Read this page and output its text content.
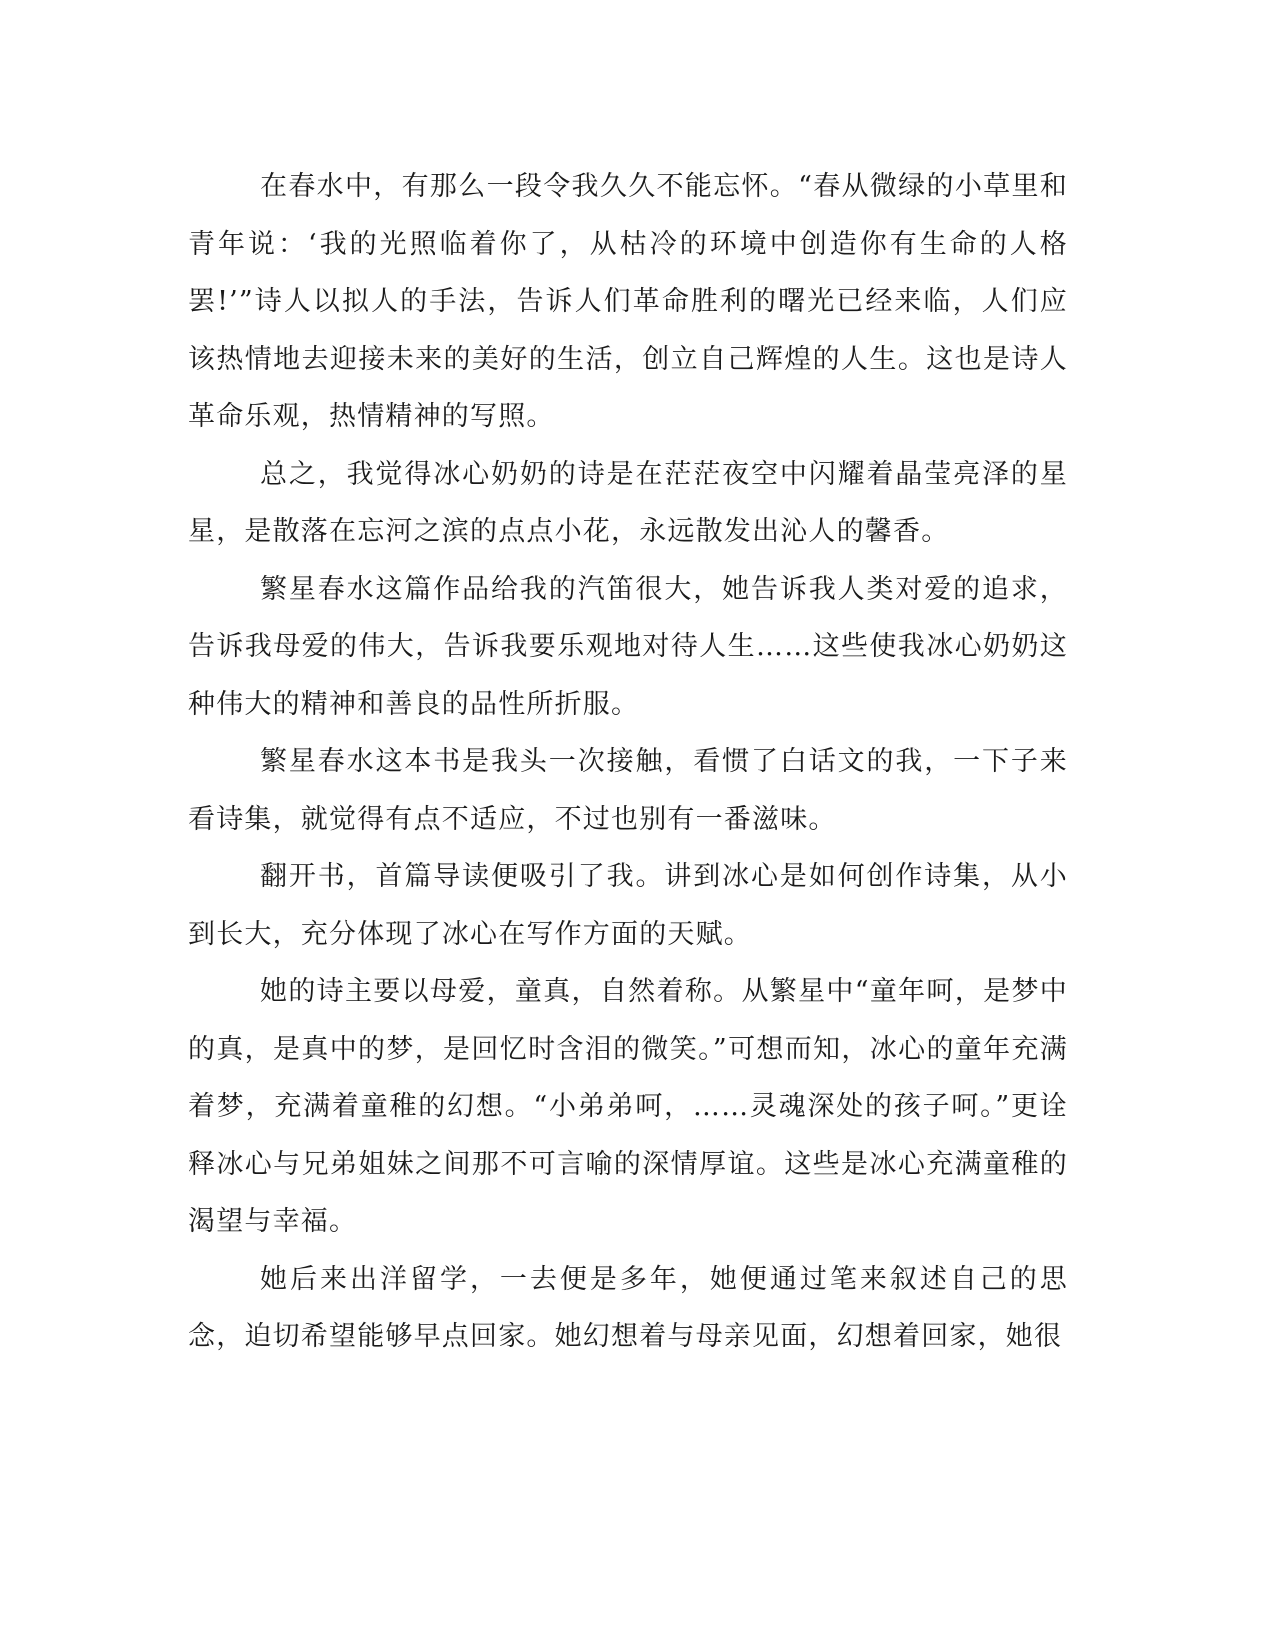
在春水中，有那么一段令我久久不能忘怀。“春从微绿的小草里和青年说：‘我的光照临着你了，从枯冷的环境中创造你有生命的人格罢!’”诗人以拟人的手法，告诉人们革命胜利的曙光已经来临，人们应该热情地去迎接未来的美好的生活，创立自己辉煌的人生。这也是诗人革命乐观，热情精神的写照。

总之，我觉得冰心奶奶的诗是在茫茫夜空中闪耀着晶莹亮泽的星星，是散落在忘河之滨的点点小花，永远散发出沁人的馨香。

繁星春水这篇作品给我的汽笛很大，她告诉我人类对爱的追求，告诉我母爱的伟大，告诉我要乐观地对待人生……这些使我冰心奶奶这种伟大的精神和善良的品性所折服。

繁星春水这本书是我头一次接触，看惯了白话文的我，一下子来看诗集，就觉得有点不适应，不过也别有一番滋味。

翻开书，首篇导读便吸引了我。讲到冰心是如何创作诗集，从小到长大，充分体现了冰心在写作方面的天赋。

她的诗主要以母爱，童真，自然着称。从繁星中“童年呵，是梦中的真，是真中的梦，是回忆时含泪的微笑。”可想而知，冰心的童年充满着梦，充满着童稚的幻想。“小弟弟呵，……灵魂深处的孩子呵。”更诠释冰心与兄弟姐妹之间那不可言喻的深情厚谊。这些是冰心充满童稚的渴望与幸福。

她后来出洋留学，一去便是多年，她便通过笔来叙述自己的思念，迫切希望能够早点回家。她幻想着与母亲见面，幻想着回家，她很
